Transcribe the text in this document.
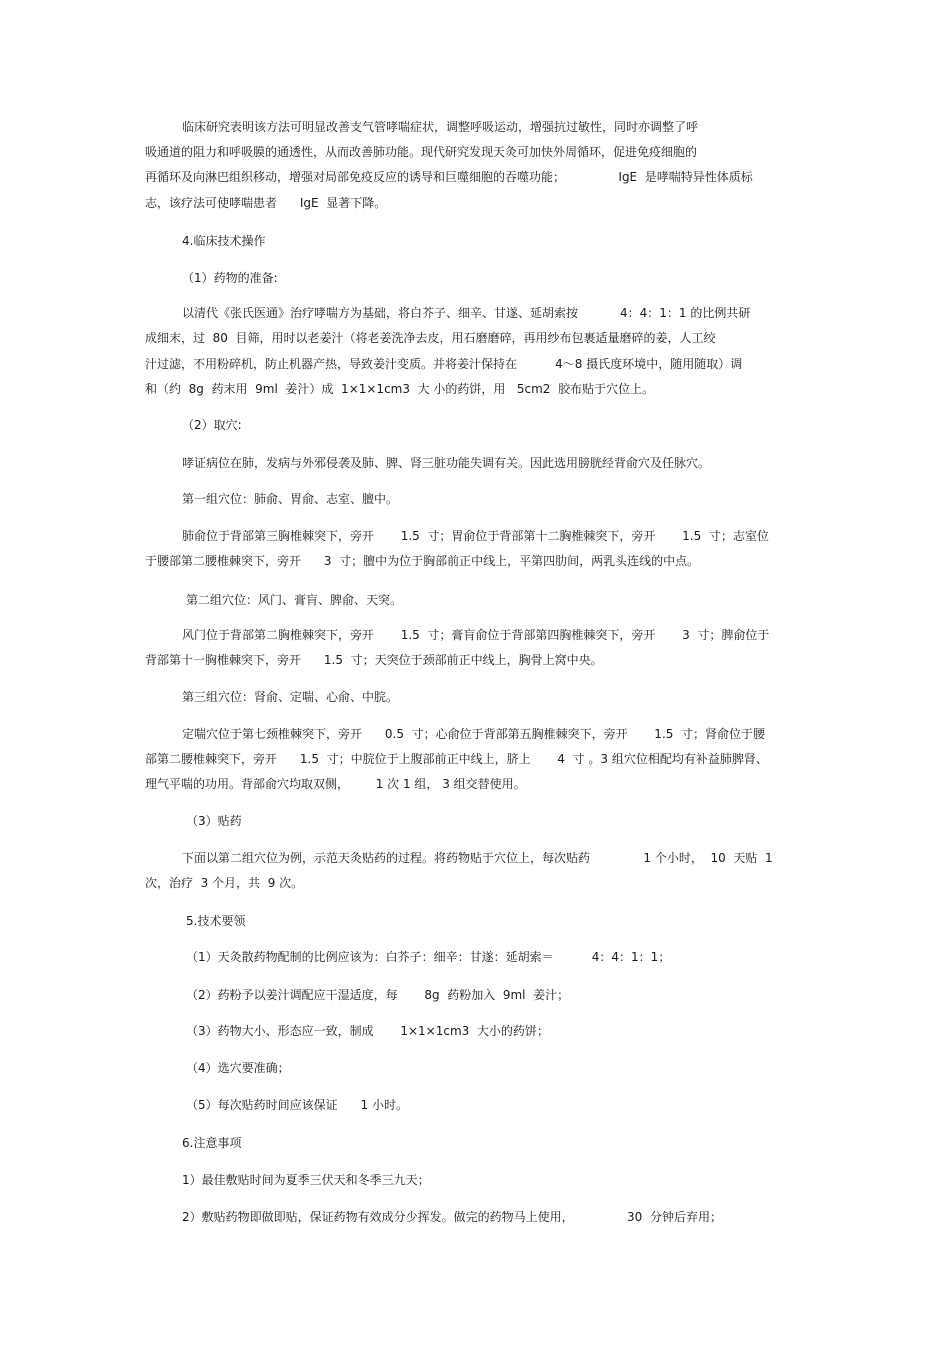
临床研究表明该方法可明显改善支气管哮喘症状，调整呼吸运动，增强抗过敏性，同时亦调整了呼
吸通道的阻力和呼吸膜的通透性，从而改善肺功能。现代研究发现天灸可加快外周循环，促进免疫细胞的
再循环及向淋巴组织移动，增强对局部免疫反应的诱导和巨噬细胞的吞噬功能；              IgE  是哮喘特异性体质标
志，该疗法可使哮喘患者      IgE  显著下降。
4.临床技术操作
（1）药物的准备:
以清代《张氏医通》治疗哮喘方为基础，将白芥子、细辛、甘遂、延胡索按           4：4：1：1 的比例共研
成细末，过  80  目筛，用时以老姜汁（将老姜洗净去皮，用石磨磨碎，再用纱布包裹适量磨碎的姜，人工绞
汁过滤，不用粉碎机，防止机器产热，导致姜汁变质。并将姜汁保持在          4～8 摄氏度环境中，随用随取）调
和（约  8g  药末用  9ml  姜汁）成  1×1×1cm3  大 小的药饼，用   5cm2  胶布贴于穴位上。
（2）取穴:
哮证病位在肺，发病与外邪侵袭及肺、脾、肾三脏功能失调有关。因此选用膀胱经背俞穴及任脉穴。
第一组穴位：肺俞、胃俞、志室、膻中。
肺俞位于背部第三胸椎棘突下，旁开       1.5  寸；胃俞位于背部第十二胸椎棘突下，旁开       1.5  寸；志室位
于腰部第二腰椎棘突下，旁开      3  寸；膻中为位于胸部前正中线上，平第四肋间，两乳头连线的中点。
第二组穴位：风门、膏肓、脾俞、天突。
风门位于背部第二胸椎棘突下，旁开       1.5  寸；膏肓俞位于背部第四胸椎棘突下，旁开       3  寸；脾俞位于
背部第十一胸椎棘突下，旁开      1.5  寸；天突位于颈部前正中线上，胸骨上窝中央。
第三组穴位：肾俞、定喘、心俞、中脘。
定喘穴位于第七颈椎棘突下，旁开      0.5  寸；心俞位于背部第五胸椎棘突下，旁开       1.5  寸；肾俞位于腰
部第二腰椎棘突下，旁开      1.5  寸；中脘位于上腹部前正中线上，脐上       4  寸 。3 组穴位相配均有补益肺脾肾、
理气平喘的功用。背部俞穴均取双侧，       1 次 1 组， 3 组交替使用。
（3）贴药
下面以第二组穴位为例，示范天灸贴药的过程。将药物贴于穴位上，每次贴药              1 个小时，  10  天贴  1
次，治疗  3 个月，共  9 次。
5.技术要领
（1）天灸散药物配制的比例应该为：白芥子：细辛：甘遂：延胡索＝          4：4：1：1；
（2）药粉予以姜汁调配应干湿适度，每       8g  药粉加入  9ml  姜汁；
（3）药物大小、形态应一致，制成       1×1×1cm3  大小的药饼；
（4）选穴要准确；
（5）每次贴药时间应该保证      1 小时。
6.注意事项
1）最佳敷贴时间为夏季三伏天和冬季三九天；
2）敷贴药物即做即贴，保证药物有效成分少挥发。做完的药物马上使用，              30  分钟后弃用；
